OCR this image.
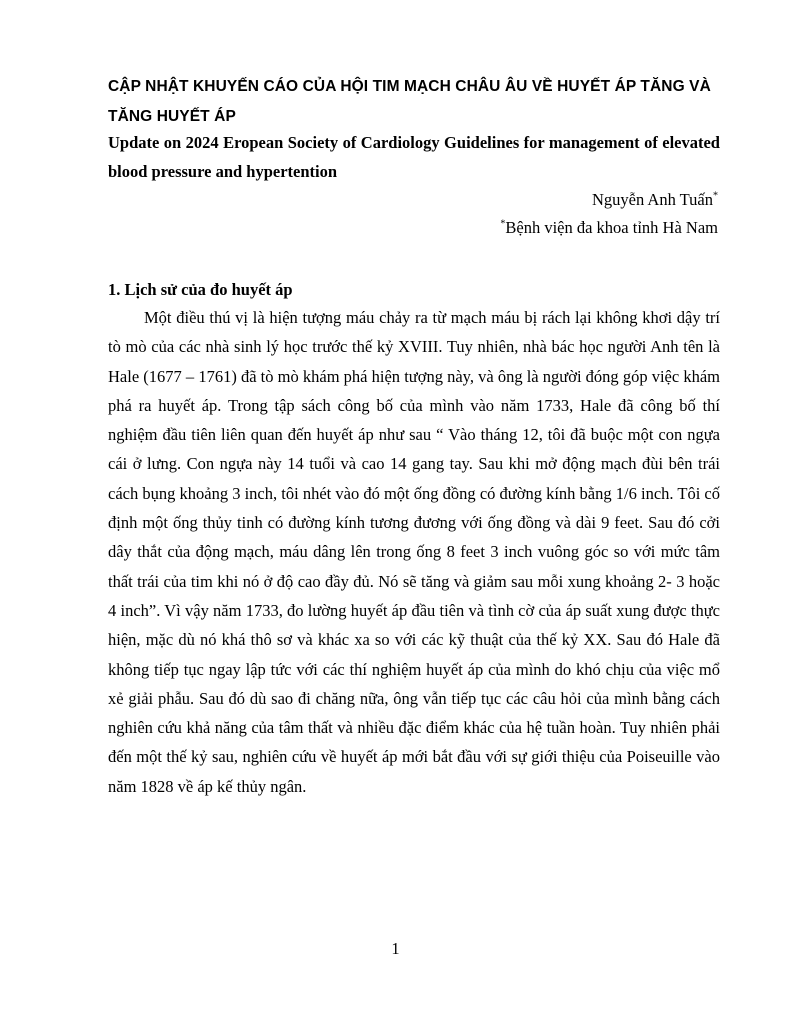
CẬP NHẬT KHUYẾN CÁO CỦA HỘI TIM MẠCH CHÂU ÂU VỀ HUYẾT ÁP TĂNG VÀ TĂNG HUYẾT ÁP
Update on 2024 Eropean Society of Cardiology Guidelines for management of elevated blood pressure and hypertention
Nguyễn Anh Tuấn*
*Bệnh viện đa khoa tỉnh Hà Nam
1. Lịch sử của đo huyết áp

Một điều thú vị là hiện tượng máu chảy ra từ mạch máu bị rách lại không khơi dậy trí tò mò của các nhà sinh lý học trước thế kỷ XVIII. Tuy nhiên, nhà bác học người Anh tên là Hale (1677 – 1761) đã tò mò khám phá hiện tượng này, và ông là người đóng góp việc khám phá ra huyết áp. Trong tập sách công bố của mình vào năm 1733, Hale đã công bố thí nghiệm đầu tiên liên quan đến huyết áp như sau “ Vào tháng 12, tôi đã buộc một con ngựa cái ở lưng. Con ngựa này 14 tuổi và cao 14 gang tay. Sau khi mở động mạch đùi bên trái cách bụng khoảng 3 inch, tôi nhét vào đó một ống đồng có đường kính bằng 1/6 inch. Tôi cố định một ống thủy tinh có đường kính tương đương với ống đồng và dài 9 feet. Sau đó cởi dây thắt của động mạch, máu dâng lên trong ống 8 feet 3 inch vuông góc so với mức tâm thất trái của tim khi nó ở độ cao đầy đủ. Nó sẽ tăng và giảm sau mỗi xung khoảng 2- 3 hoặc 4 inch”. Vì vậy năm 1733, đo lường huyết áp đầu tiên và tình cờ của áp suất xung được thực hiện, mặc dù nó khá thô sơ và khác xa so với các kỹ thuật của thế kỷ XX. Sau đó Hale đã không tiếp tục ngay lập tức với các thí nghiệm huyết áp của mình do khó chịu của việc mổ xẻ giải phẫu. Sau đó dù sao đi chăng nữa, ông vẫn tiếp tục các câu hỏi của mình bằng cách nghiên cứu khả năng của tâm thất và nhiều đặc điểm khác của hệ tuần hoàn. Tuy nhiên phải đến một thế kỷ sau, nghiên cứu về huyết áp mới bắt đầu với sự giới thiệu của Poiseuille vào năm 1828 về áp kế thủy ngân.

1
